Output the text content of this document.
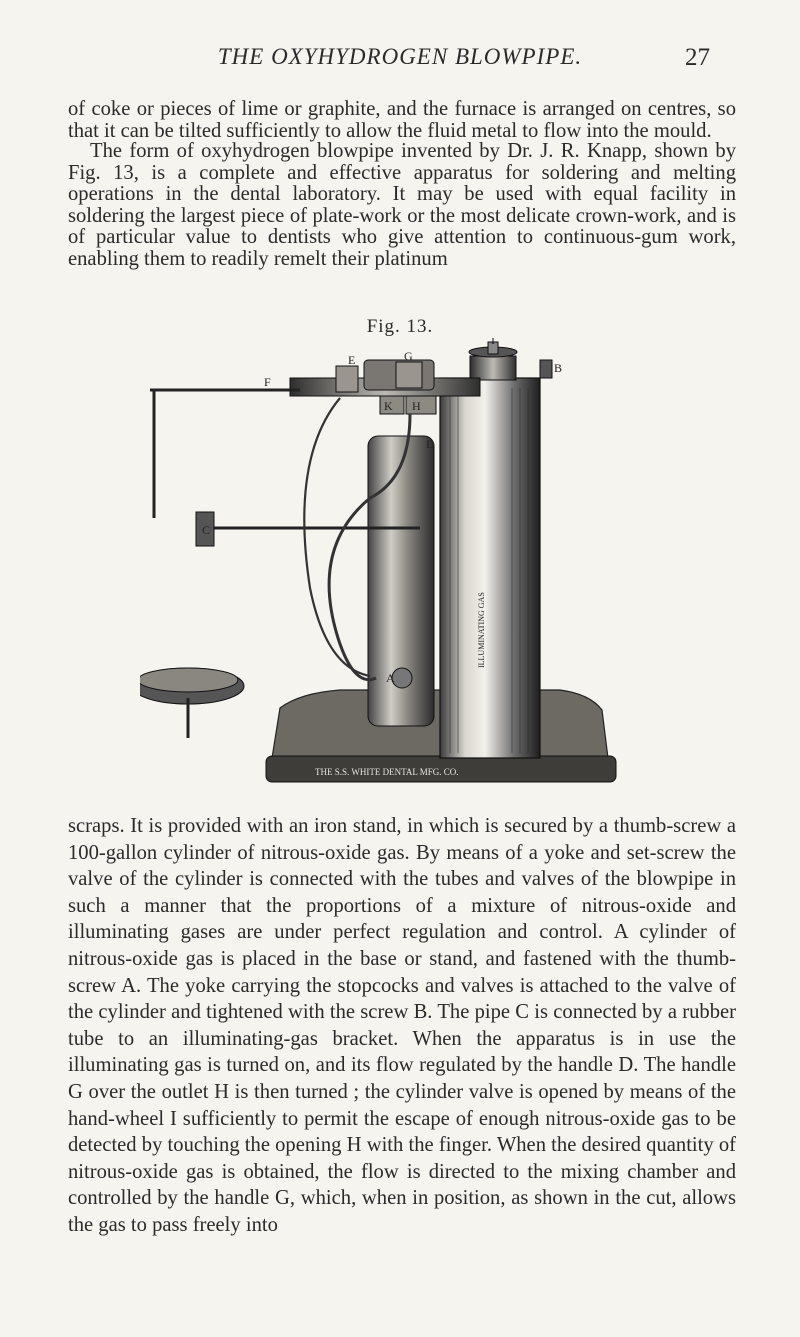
THE OXYHYDROGEN BLOWPIPE.	27

of coke or pieces of lime or graphite, and the furnace is arranged on centres, so that it can be tilted sufficiently to allow the fluid metal to flow into the mould.

The form of oxyhydrogen blowpipe invented by Dr. J. R. Knapp, shown by Fig. 13, is a complete and effective apparatus for soldering and melting operations in the dental laboratory. It may be used with equal facility in soldering the largest piece of plate-work or the most delicate crown-work, and is of particular value to dentists who give attention to continuous-gum work, enabling them to readily remelt their platinum

Fig. 13.
THE S.S. WHITE DENTAL MFG. CO.
ILLUMINATING GAS
I
B
E	G
F
K H
D
C
A

scraps. It is provided with an iron stand, in which is secured by a thumb-screw a 100-gallon cylinder of nitrous-oxide gas. By means of a yoke and set-screw the valve of the cylinder is connected with the tubes and valves of the blowpipe in such a manner that the proportions of a mixture of nitrous-oxide and illuminating gases are under perfect regulation and control. A cylinder of nitrous-oxide gas is placed in the base or stand, and fastened with the thumb-screw A. The yoke carrying the stopcocks and valves is attached to the valve of the cylinder and tightened with the screw B. The pipe C is connected by a rubber tube to an illuminating-gas bracket. When the apparatus is in use the illuminating gas is turned on, and its flow regulated by the handle D. The handle G over the outlet H is then turned ; the cylinder valve is opened by means of the hand-wheel I sufficiently to permit the escape of enough nitrous-oxide gas to be detected by touching the opening H with the finger. When the desired quantity of nitrous-oxide gas is obtained, the flow is directed to the mixing chamber and controlled by the handle G, which, when in position, as shown in the cut, allows the gas to pass freely into
